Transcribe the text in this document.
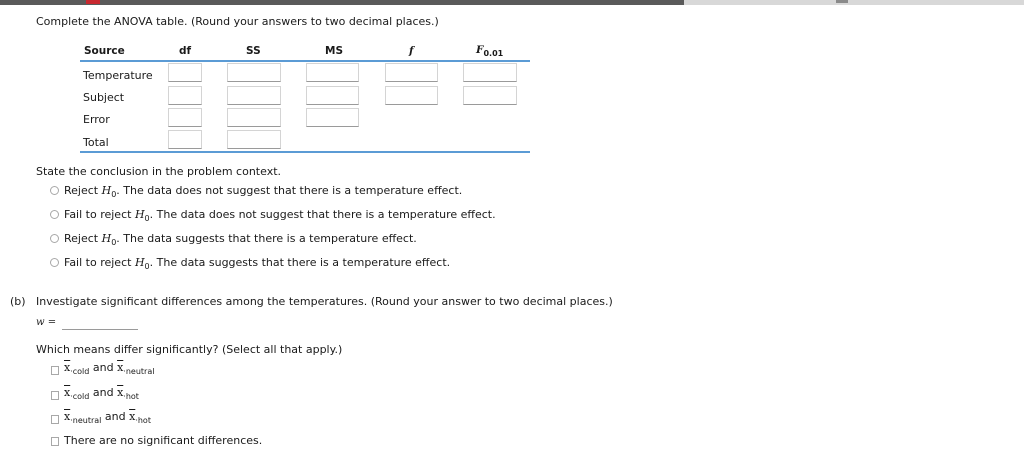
Complete the ANOVA table. (Round your answers to two decimal places.)
Source	df	SS	MS	f	$F_{0.01}$
Temperature
Subject
Error
Total
State the conclusion in the problem context.
Reject $H_0$. The data does not suggest that there is a temperature effect.
Fail to reject $H_0$. The data does not suggest that there is a temperature effect.
Reject $H_0$. The data suggests that there is a temperature effect.
Fail to reject $H_0$. The data suggests that there is a temperature effect.
(b) Investigate significant differences among the temperatures. (Round your answer to two decimal places.)
w =
Which means differ significantly? (Select all that apply.)
$\overline{x}_{\cdot cold}$ and $\overline{x}_{\cdot neutral}$
$\overline{x}_{\cdot cold}$ and $\overline{x}_{\cdot hot}$
$\overline{x}_{\cdot neutral}$ and $\overline{x}_{\cdot hot}$
There are no significant differences.
